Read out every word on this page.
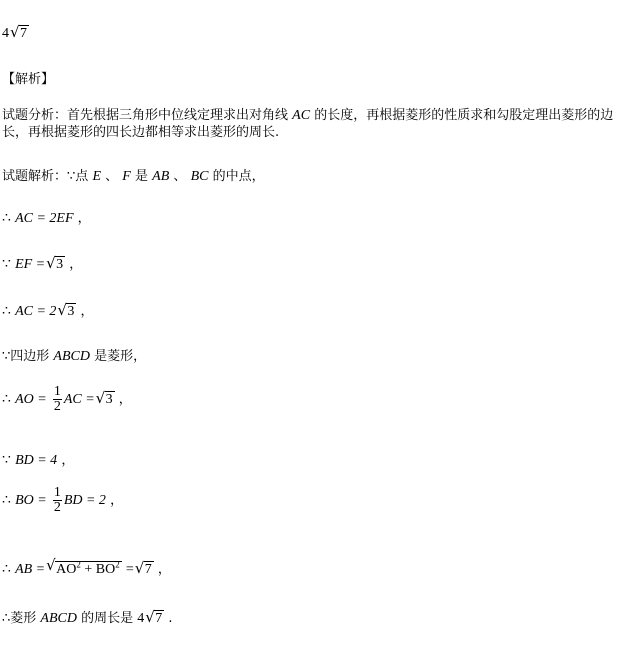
4 √ 7
【解析】
试题分析：首先根据三角形中位线定理求出对角线 AC 的长度，再根据菱形的性质求和勾股定理出菱形的边长，再根据菱形的四长边都相等求出菱形的周长.
试题解析：∵点 E 、 F 是 AB 、 BC 的中点，
∴ AC = 2EF ，
∵ EF = √ 3 ，
∴ AC = 2 √ 3 ，
∵四边形 ABCD 是菱形，
∴ AO = $\frac{1}{2}$ AC = √ 3 ，
∵ BD = 4 ，
∴ BO = $\frac{1}{2}$ BD = 2 ，
∴ AB = √ $AO^2 + BO^2$ = √ 7 ，
∴菱形 ABCD 的周长是 4 √ 7 .
